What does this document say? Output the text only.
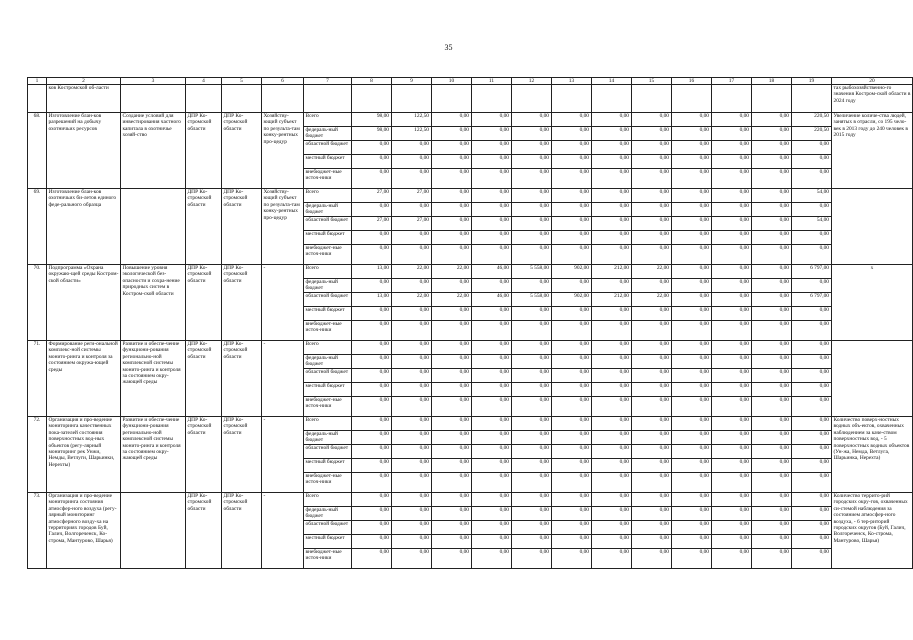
35
1	2	3	4	5	6	7	8	9	10	11	12	13	14	15	16	17	18	19	20
	ков Костромской об-ласти																		тах рыбохозяйственно-го значения Костром-ской области в 2024 году
68.	Изготовление блан-ков разрешений на добычу охотничьих ресурсов	Создание условий для инвестирования частного капитала в охотничье хозяй-ство	ДПР Ко-стромской области	ДПР Ко-стромской области	Хозяйству-ющий субъект по результа-там конку-рентных про-цедур	Всего	98,00	122,50	0,00	0,00	0,00	0,00	0,00	0,00	0,00	0,00	0,00	220,50	Увеличение количе-ства людей, занятых в отрасли, со 195 чело-век в 2013 году до 240 человек в 2015 году
						федераль-ный бюджет	98,00	122,50	0,00	0,00	0,00	0,00	0,00	0,00	0,00	0,00	0,00	220,50	
						областной бюджет	0,00	0,00	0,00	0,00	0,00	0,00	0,00	0,00	0,00	0,00	0,00	0,00	
						местный бюджет	0,00	0,00	0,00	0,00	0,00	0,00	0,00	0,00	0,00	0,00	0,00	0,00	
						внебюджет-ные источ-ники	0,00	0,00	0,00	0,00	0,00	0,00	0,00	0,00	0,00	0,00	0,00	0,00	
69.	Изготовление блан-ков охотничьих би-летов единого феде-рального образца		ДПР Ко-стромской области	ДПР Ко-стромской области	Хозяйству-ющий субъект по результа-там конку-рентных про-цедур	Всего	27,00	27,00	0,00	0,00	0,00	0,00	0,00	0,00	0,00	0,00	0,00	54,00	
						федераль-ный бюджет	0,00	0,00	0,00	0,00	0,00	0,00	0,00	0,00	0,00	0,00	0,00	0,00	
						областной бюджет	27,00	27,00	0,00	0,00	0,00	0,00	0,00	0,00	0,00	0,00	0,00	54,00	
						местный бюджет	0,00	0,00	0,00	0,00	0,00	0,00	0,00	0,00	0,00	0,00	0,00	0,00	
						внебюджет-ные источ-ники	0,00	0,00	0,00	0,00	0,00	0,00	0,00	0,00	0,00	0,00	0,00	0,00	
70.	Подпрограмма «Охрана окружаю-щей среды Костром-ской области»	Повышение уровня экологической без-опасности и сохра-нение природных систем в Костром-ской области	ДПР Ко-стромской области	ДПР Ко-стромской области	-	Всего	13,00	22,00	22,00	46,00	5 558,00	902,00	212,00	22,00	0,00	0,00	0,00	6 797,00	x
						федераль-ный бюджет	0,00	0,00	0,00	0,00	0,00	0,00	0,00	0,00	0,00	0,00	0,00	0,00	
						областной бюджет	13,00	22,00	22,00	46,00	5 558,00	902,00	212,00	22,00	0,00	0,00	0,00	6 797,00	
						местный бюджет	0,00	0,00	0,00	0,00	0,00	0,00	0,00	0,00	0,00	0,00	0,00	0,00	
						внебюджет-ные источ-ники	0,00	0,00	0,00	0,00	0,00	0,00	0,00	0,00	0,00	0,00	0,00	0,00	
71.	Формирование реги-ональной комплекс-ной системы монито-ринга и контроля за состоянием окружа-ющей среды	Развитие и обеспе-чение функциони-рования регионально-ной комплексной системы монито-ринга и контроля за состоянием окру-жающей среды	ДПР Ко-стромской области	ДПР Ко-стромской области	-	Всего	0,00	0,00	0,00	0,00	0,00	0,00	0,00	0,00	0,00	0,00	0,00	0,00	
						федераль-ный бюджет	0,00	0,00	0,00	0,00	0,00	0,00	0,00	0,00	0,00	0,00	0,00	0,00	
						областной бюджет	0,00	0,00	0,00	0,00	0,00	0,00	0,00	0,00	0,00	0,00	0,00	0,00	
						местный бюджет	0,00	0,00	0,00	0,00	0,00	0,00	0,00	0,00	0,00	0,00	0,00	0,00	
						внебюджет-ные источ-ники	0,00	0,00	0,00	0,00	0,00	0,00	0,00	0,00	0,00	0,00	0,00	0,00	
72.	Организация и про-ведение мониторинга качественных пока-зателей состояния поверхностных вод-ных объектов (регу-лярный мониторинг рек Унжи, Немды, Ветлуги, Шарьинки, Нерехты)	Развитие и обеспе-чение функциони-рования регионально-ной комплексной системы монито-ринга и контроля за состоянием окру-жающей среды	ДПР Ко-стромской области	ДПР Ко-стромской области	-	Всего	0,00	0,00	0,00	0,00	0,00	0,00	0,00	0,00	0,00	0,00	0,00	0,00	Количество поверх-ностных водных объ-ектов, охваченных наблюдением за каче-ством поверхностных вод, - 5 поверхностных водных объектов (Ун-жа, Немда, Ветлуга, Шарьинка, Нерехта)
						федераль-ный бюджет	0,00	0,00	0,00	0,00	0,00	0,00	0,00	0,00	0,00	0,00	0,00	0,00	
						областной бюджет	0,00	0,00	0,00	0,00	0,00	0,00	0,00	0,00	0,00	0,00	0,00	0,00	
						местный бюджет	0,00	0,00	0,00	0,00	0,00	0,00	0,00	0,00	0,00	0,00	0,00	0,00	
						внебюджет-ные источ-ники	0,00	0,00	0,00	0,00	0,00	0,00	0,00	0,00	0,00	0,00	0,00	0,00	
73.	Организация и про-ведение мониторинга состояния атмосфер-ного воздуха (регу-лярный мониторинг атмосферного возду-ха на территориях городов Буй, Галич, Волгореченск, Ко-строма, Мантурово, Шарья)		ДПР Ко-стромской области	ДПР Ко-стромской области	-	Всего	0,00	0,00	0,00	0,00	0,00	0,00	0,00	0,00	0,00	0,00	0,00	0,00	Количество террито-рий городских окру-гов, охваченных си-стемой наблюдения за состоянием атмосфер-ного воздуха, - 6 тер-риторий городских округов (Буй, Галич, Волгореченск, Ко-строма, Мантурово, Шарья)
						федераль-ный бюджет	0,00	0,00	0,00	0,00	0,00	0,00	0,00	0,00	0,00	0,00	0,00	0,00	
						областной бюджет	0,00	0,00	0,00	0,00	0,00	0,00	0,00	0,00	0,00	0,00	0,00	0,00	
						местный бюджет	0,00	0,00	0,00	0,00	0,00	0,00	0,00	0,00	0,00	0,00	0,00	0,00	
						внебюджет-ные источ-ники	0,00	0,00	0,00	0,00	0,00	0,00	0,00	0,00	0,00	0,00	0,00	0,00	
